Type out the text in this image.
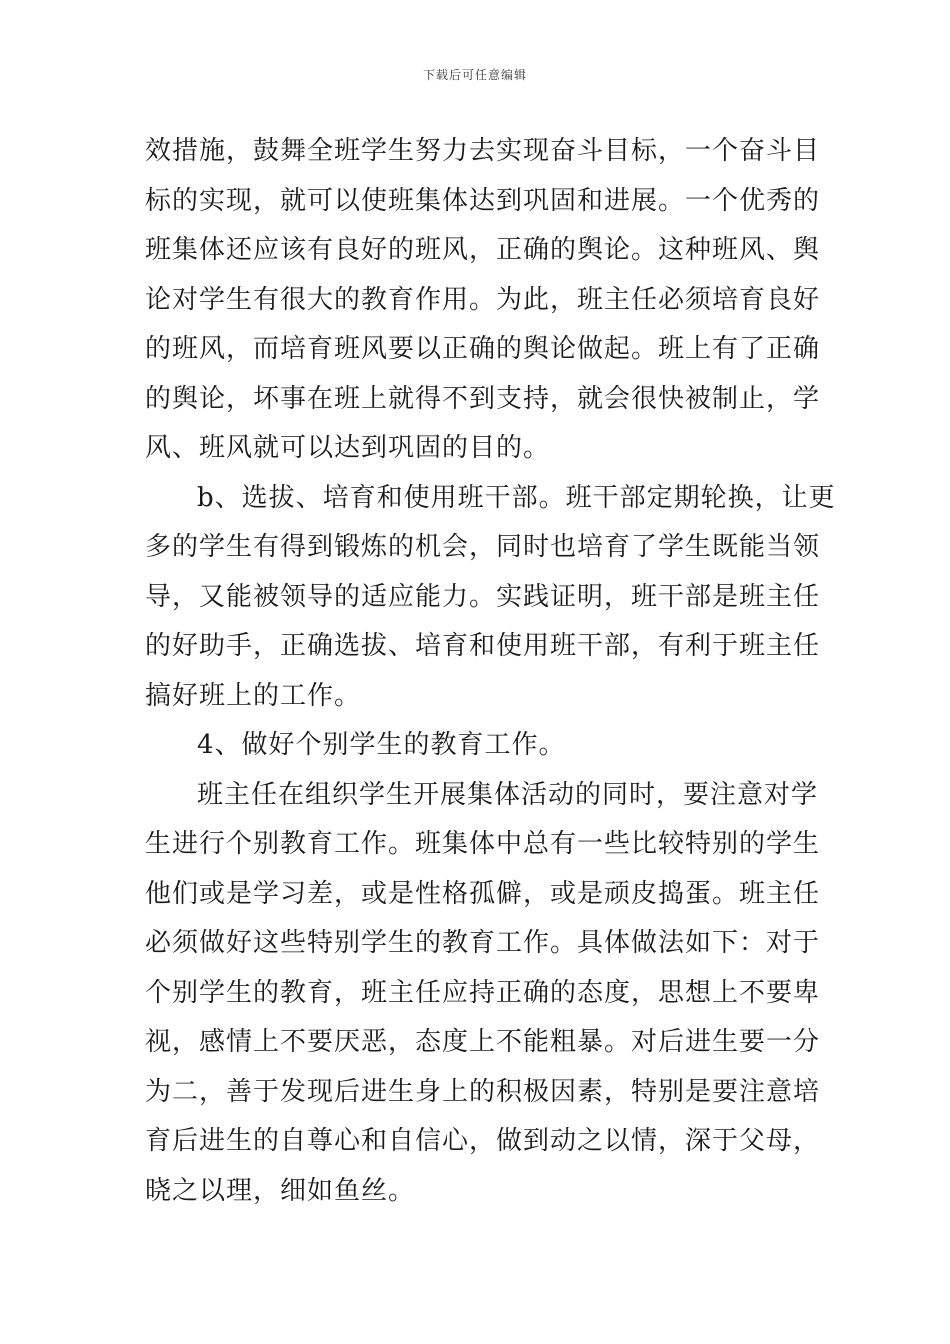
下载后可任意编辑
效措施，鼓舞全班学生努力去实现奋斗目标，一个奋斗目
标的实现，就可以使班集体达到巩固和进展。一个优秀的
班集体还应该有良好的班风，正确的舆论。这种班风、舆
论对学生有很大的教育作用。为此，班主任必须培育良好
的班风，而培育班风要以正确的舆论做起。班上有了正确
的舆论，坏事在班上就得不到支持，就会很快被制止，学
风、班风就可以达到巩固的目的。
b、选拔、培育和使用班干部。班干部定期轮换，让更
多的学生有得到锻炼的机会，同时也培育了学生既能当领
导，又能被领导的适应能力。实践证明，班干部是班主任
的好助手，正确选拔、培育和使用班干部，有利于班主任
搞好班上的工作。
4、做好个别学生的教育工作。
班主任在组织学生开展集体活动的同时，要注意对学
生进行个别教育工作。班集体中总有一些比较特别的学生
他们或是学习差，或是性格孤僻，或是顽皮捣蛋。班主任
必须做好这些特别学生的教育工作。具体做法如下：对于
个别学生的教育，班主任应持正确的态度，思想上不要卑
视，感情上不要厌恶，态度上不能粗暴。对后进生要一分
为二，善于发现后进生身上的积极因素，特别是要注意培
育后进生的自尊心和自信心，做到动之以情，深于父母，
晓之以理，细如鱼丝。
